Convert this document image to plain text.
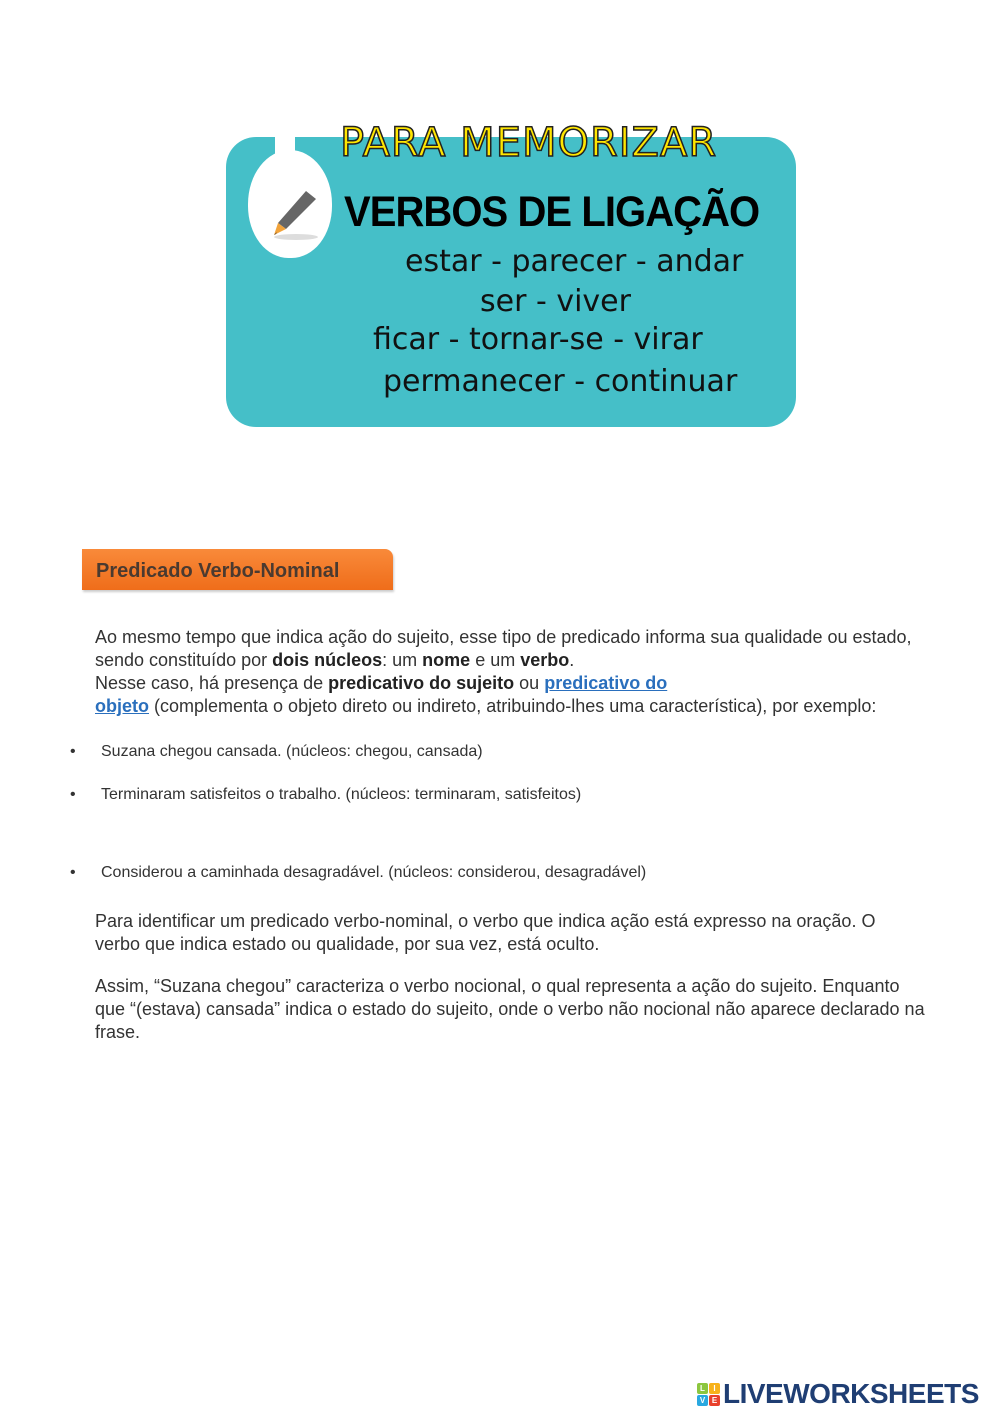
PARA MEMORIZAR
VERBOS DE LIGAÇÃO
estar - parecer - andar
ser - viver
ficar - tornar-se - virar
permanecer - continuar
Predicado Verbo-Nominal
Ao mesmo tempo que indica ação do sujeito, esse tipo de predicado informa sua qualidade ou estado, sendo constituído por dois núcleos: um nome e um verbo.
Nesse caso, há presença de predicativo do sujeito ou predicativo do
objeto (complementa o objeto direto ou indireto, atribuindo-lhes uma característica), por exemplo:
• Suzana chegou cansada. (núcleos: chegou, cansada)
• Terminaram satisfeitos o trabalho. (núcleos: terminaram, satisfeitos)
• Considerou a caminhada desagradável. (núcleos: considerou, desagradável)
Para identificar um predicado verbo-nominal, o verbo que indica ação está expresso na oração. O verbo que indica estado ou qualidade, por sua vez, está oculto.
Assim, “Suzana chegou” caracteriza o verbo nocional, o qual representa a ação do sujeito. Enquanto que “(estava) cansada” indica o estado do sujeito, onde o verbo não nocional não aparece declarado na frase.
L	I
V E LIVEWORKSHEETS
